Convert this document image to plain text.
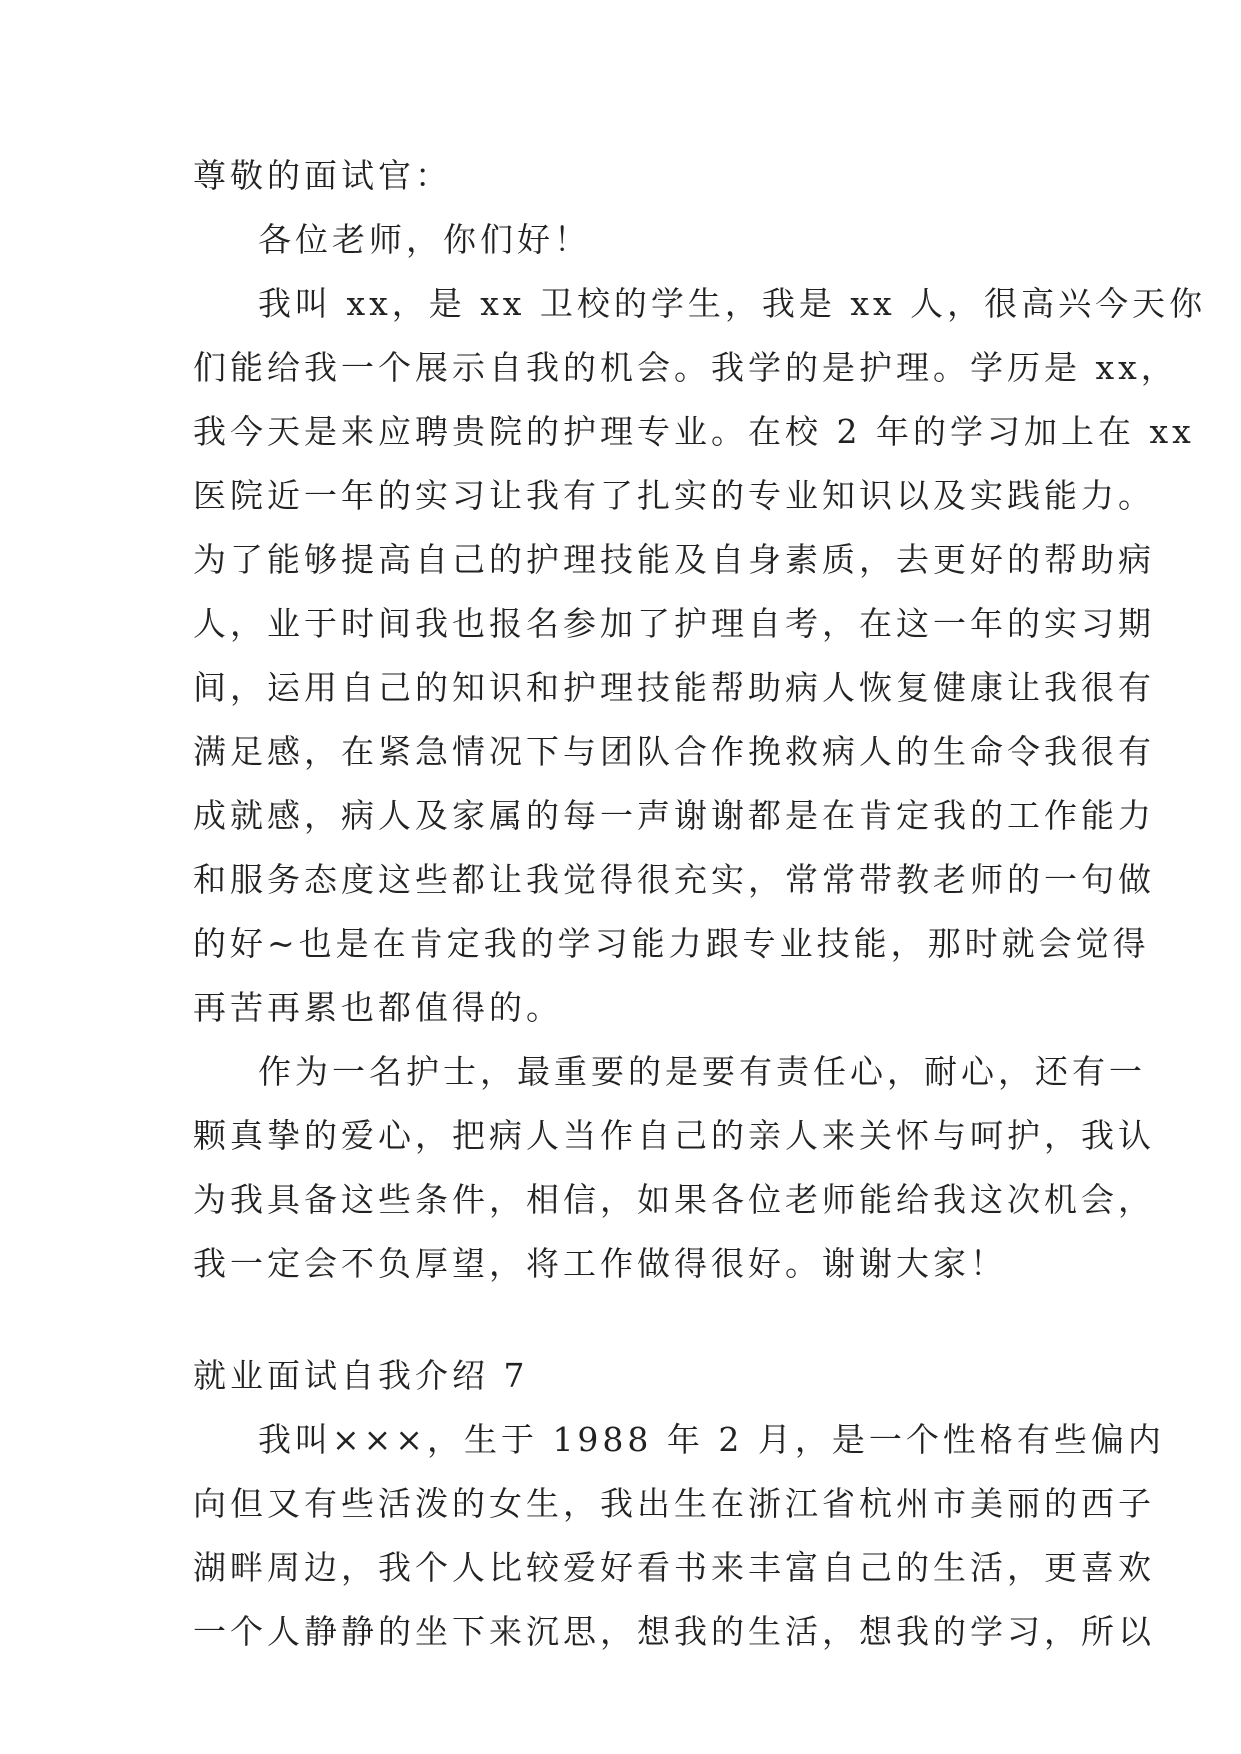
尊敬的面试官：
各位老师，你们好！
我叫 xx，是 xx 卫校的学生，我是 xx 人，很高兴今天你
们能给我一个展示自我的机会。我学的是护理。学历是 xx，
我今天是来应聘贵院的护理专业。在校 2 年的学习加上在 xx
医院近一年的实习让我有了扎实的专业知识以及实践能力。
为了能够提高自己的护理技能及自身素质，去更好的帮助病
人，业于时间我也报名参加了护理自考，在这一年的实习期
间，运用自己的知识和护理技能帮助病人恢复健康让我很有
满足感，在紧急情况下与团队合作挽救病人的生命令我很有
成就感，病人及家属的每一声谢谢都是在肯定我的工作能力
和服务态度这些都让我觉得很充实，常常带教老师的一句做
的好~也是在肯定我的学习能力跟专业技能，那时就会觉得
再苦再累也都值得的。
作为一名护士，最重要的是要有责任心，耐心，还有一
颗真挚的爱心，把病人当作自己的亲人来关怀与呵护，我认
为我具备这些条件，相信，如果各位老师能给我这次机会，
我一定会不负厚望，将工作做得很好。谢谢大家！
就业面试自我介绍 7
我叫×××，生于 1988 年 2 月，是一个性格有些偏内
向但又有些活泼的女生，我出生在浙江省杭州市美丽的西子
湖畔周边，我个人比较爱好看书来丰富自己的生活，更喜欢
一个人静静的坐下来沉思，想我的生活，想我的学习，所以
